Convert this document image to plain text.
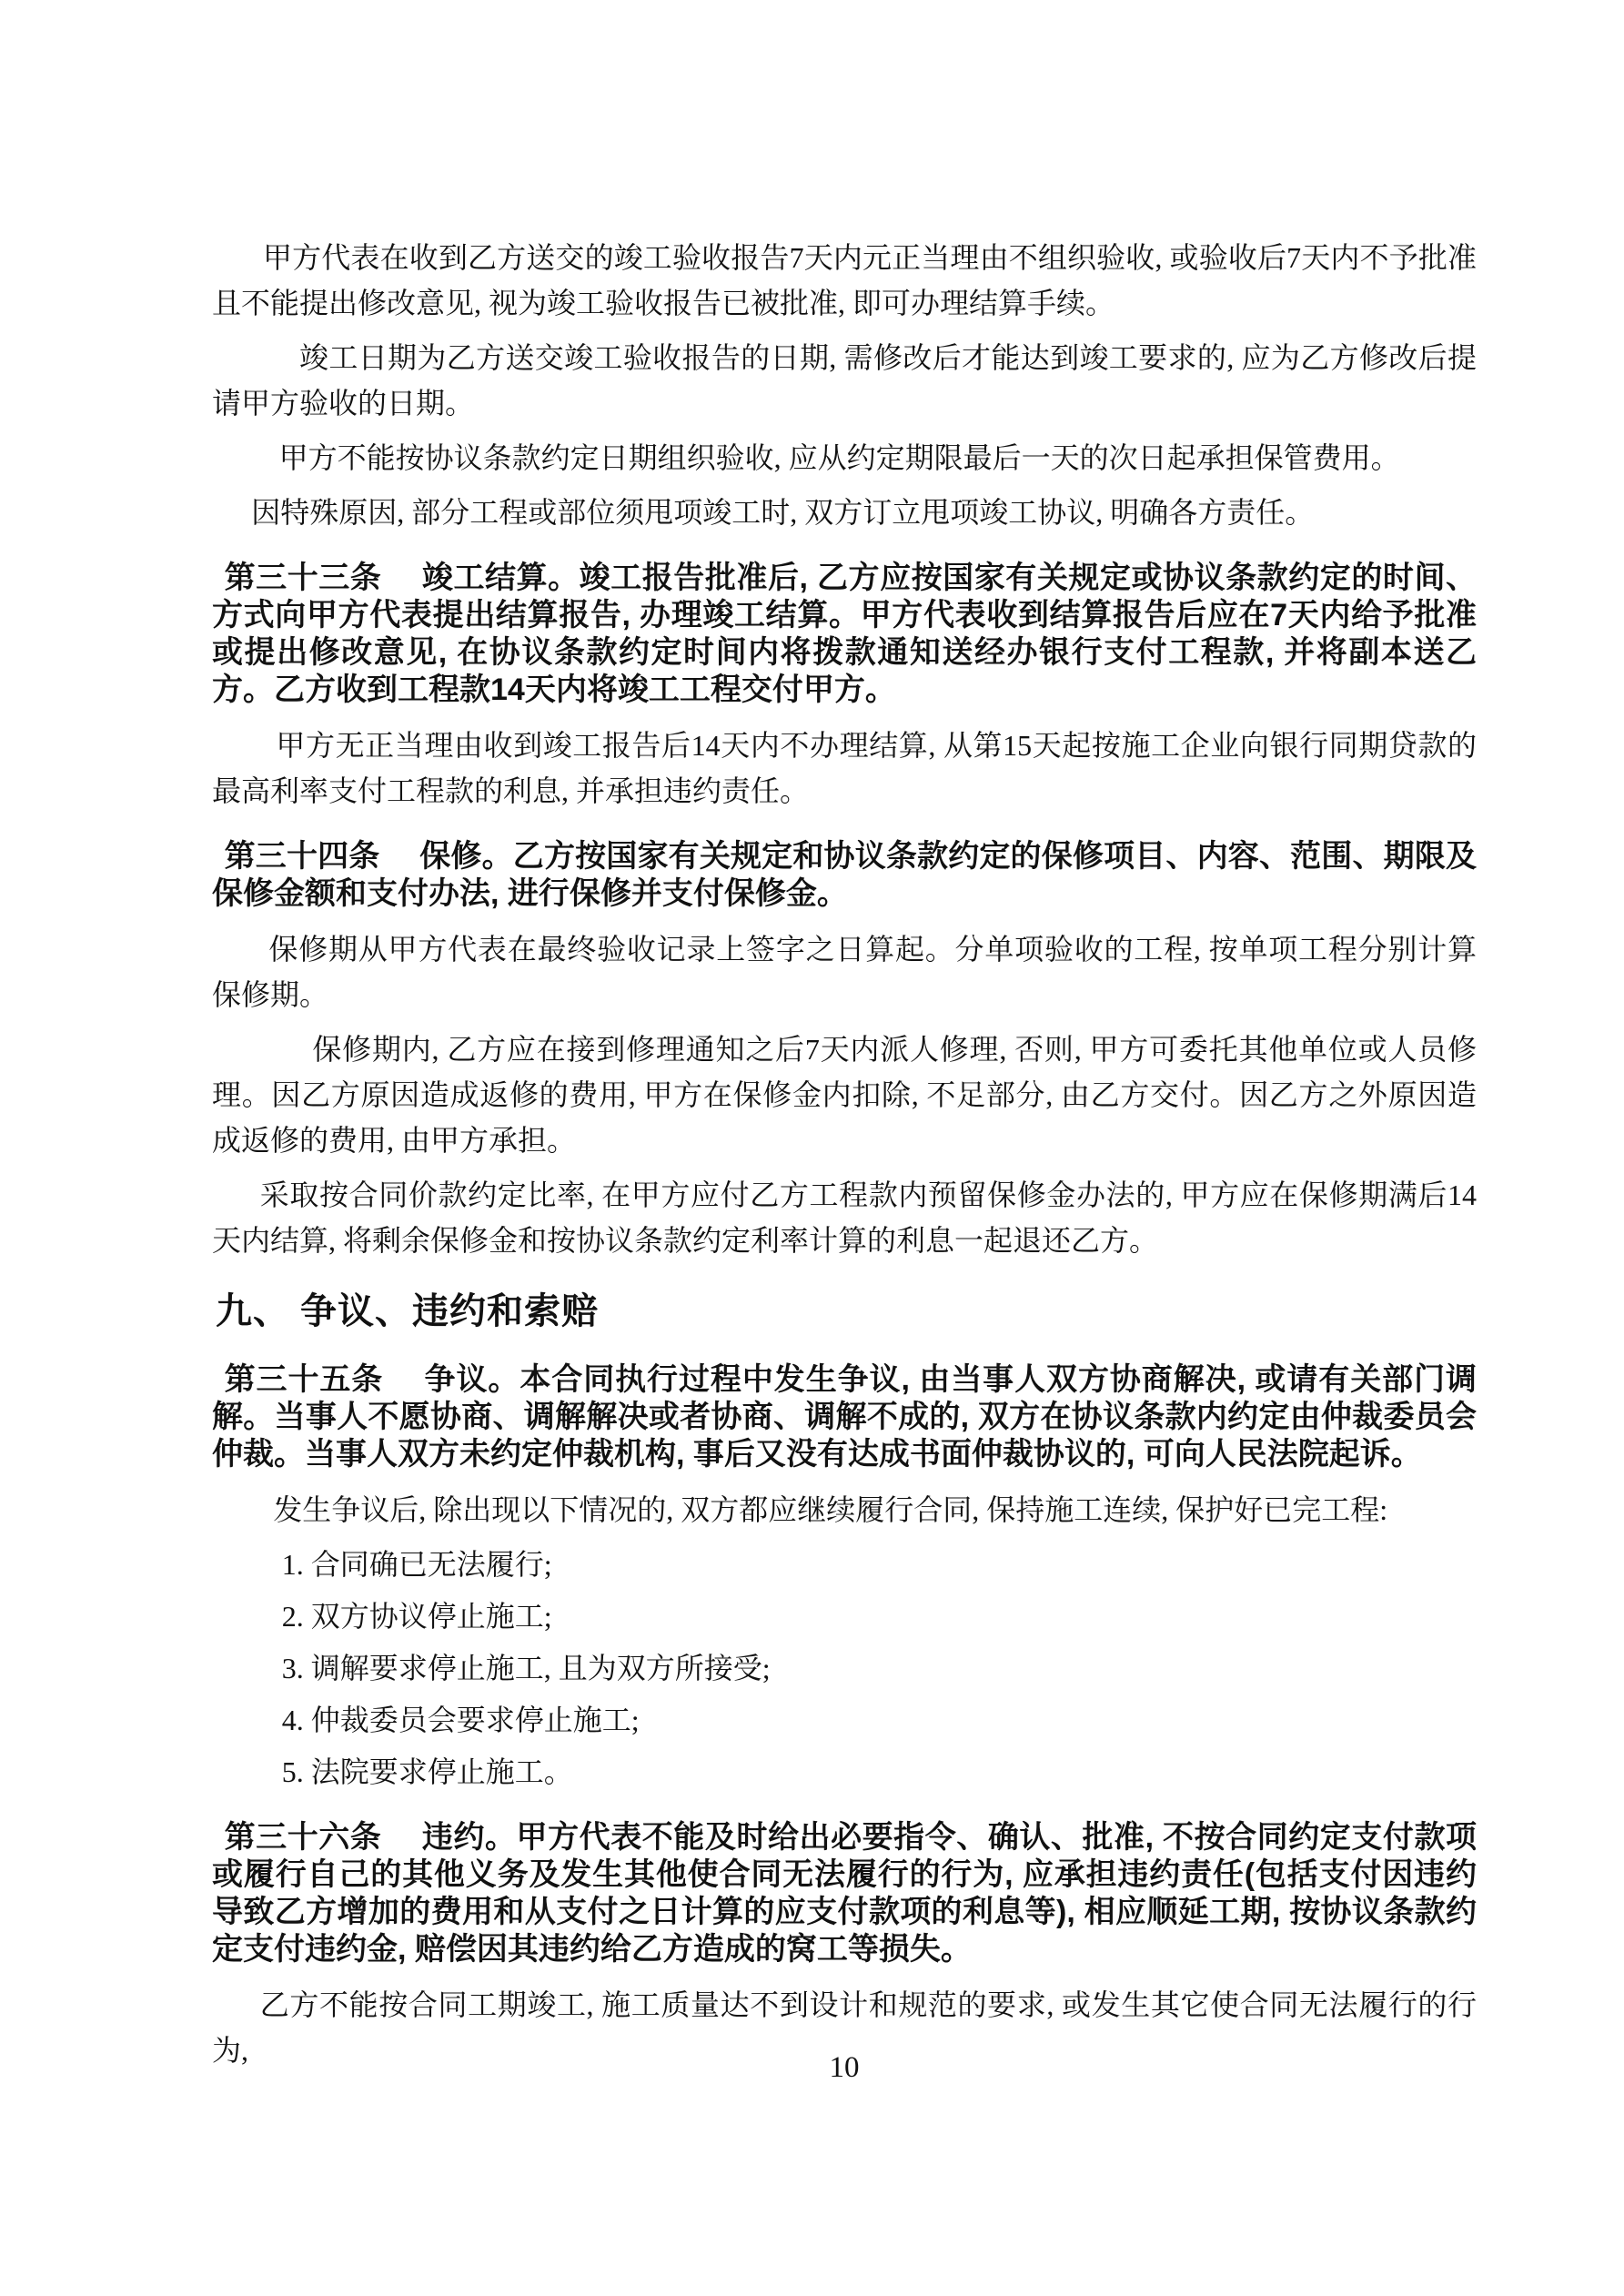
甲方代表在收到乙方送交的竣工验收报告7天内元正当理由不组织验收, 或验收后7天内不予批准且不能提出修改意见, 视为竣工验收报告已被批准, 即可办理结算手续。

竣工日期为乙方送交竣工验收报告的日期, 需修改后才能达到竣工要求的, 应为乙方修改后提请甲方验收的日期。

甲方不能按协议条款约定日期组织验收, 应从约定期限最后一天的次日起承担保管费用。

因特殊原因, 部分工程或部位须甩项竣工时, 双方订立甩项竣工协议, 明确各方责任。

第三十三条　 竣工结算。竣工报告批准后, 乙方应按国家有关规定或协议条款约定的时间、方式向甲方代表提出结算报告, 办理竣工结算。甲方代表收到结算报告后应在7天内给予批准或提出修改意见, 在协议条款约定时间内将拨款通知送经办银行支付工程款, 并将副本送乙方。乙方收到工程款14天内将竣工工程交付甲方。

甲方无正当理由收到竣工报告后14天内不办理结算, 从第15天起按施工企业向银行同期贷款的最高利率支付工程款的利息, 并承担违约责任。

第三十四条　 保修。乙方按国家有关规定和协议条款约定的保修项目、内容、范围、期限及保修金额和支付办法, 进行保修并支付保修金。

保修期从甲方代表在最终验收记录上签字之日算起。分单项验收的工程, 按单项工程分别计算保修期。

保修期内, 乙方应在接到修理通知之后7天内派人修理, 否则, 甲方可委托其他单位或人员修理。因乙方原因造成返修的费用, 甲方在保修金内扣除, 不足部分, 由乙方交付。因乙方之外原因造成返修的费用, 由甲方承担。

采取按合同价款约定比率, 在甲方应付乙方工程款内预留保修金办法的, 甲方应在保修期满后14天内结算, 将剩余保修金和按协议条款约定利率计算的利息一起退还乙方。

九、 争议、违约和索赔

第三十五条　 争议。本合同执行过程中发生争议, 由当事人双方协商解决, 或请有关部门调解。当事人不愿协商、调解解决或者协商、调解不成的, 双方在协议条款内约定由仲裁委员会仲裁。当事人双方未约定仲裁机构, 事后又没有达成书面仲裁协议的, 可向人民法院起诉。

发生争议后, 除出现以下情况的, 双方都应继续履行合同, 保持施工连续, 保护好已完工程:

1. 合同确已无法履行;

2. 双方协议停止施工;

3. 调解要求停止施工, 且为双方所接受;

4. 仲裁委员会要求停止施工;

5. 法院要求停止施工。

第三十六条　 违约。甲方代表不能及时给出必要指令、确认、批准, 不按合同约定支付款项或履行自己的其他义务及发生其他使合同无法履行的行为, 应承担违约责任(包括支付因违约导致乙方增加的费用和从支付之日计算的应支付款项的利息等), 相应顺延工期, 按协议条款约定支付违约金, 赔偿因其违约给乙方造成的窝工等损失。

乙方不能按合同工期竣工, 施工质量达不到设计和规范的要求, 或发生其它使合同无法履行的行为,

10
